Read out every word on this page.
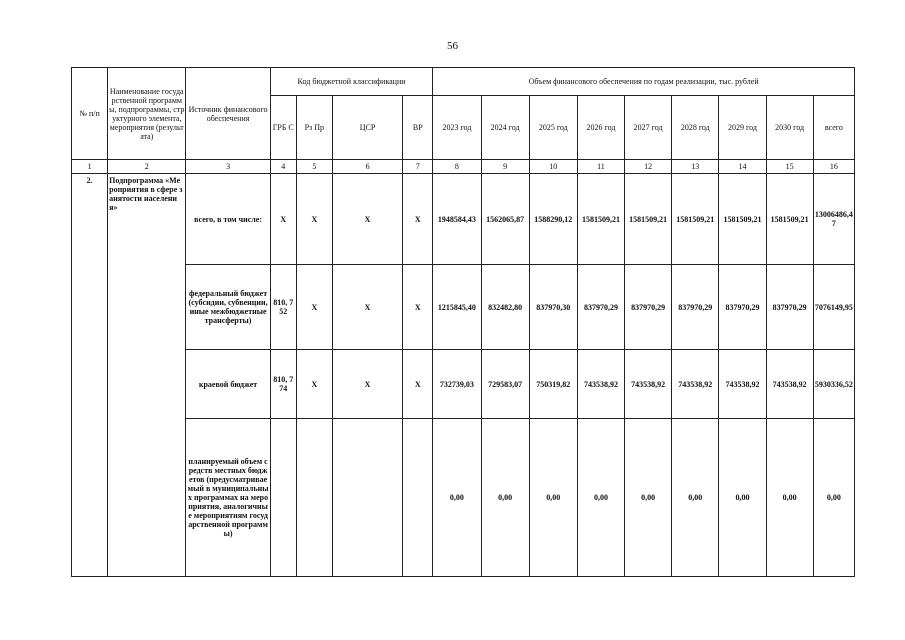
56
№ п/п	Наименование государственной программы, подпрограммы, структурного элемента, мероприятия (результата)	Источник финансового обеспечения	Код бюджетной классификации				Объем финансового обеспечения по годам реализации, тыс. рублей								
			ГРБ С	Рз Пр	ЦСР	ВР	2023 год	2024 год	2025 год	2026 год	2027 год	2028 год	2029 год	2030 год	всего
1	2	3	4	5	6	7	8	9	10	11	12	13	14	15	16
2.	Подпрограмма «Мероприятия в сфере занятости населения»	всего, в том числе:	X	X	X	X	1948584,43	1562065,87	1588290,12	1581509,21	1581509,21	1581509,21	1581509,21	1581509,21	13006486,47
		федеральный бюджет (субсидии, субвенции, иные межбюджетные трансферты)	810, 752	X	X	X	1215845,40	832482,80	837970,30	837970,29	837970,29	837970,29	837970,29	837970,29	7076149,95
		краевой бюджет	810, 774	X	X	X	732739,03	729583,07	750319,82	743538,92	743538,92	743538,92	743538,92	743538,92	5930336,52
		планируемый объем средств местных бюджетов (предусматриваемый в муниципальных программах на мероприятия, аналогичные мероприятиям государственной программы)					0,00	0,00	0,00	0,00	0,00	0,00	0,00	0,00	0,00
